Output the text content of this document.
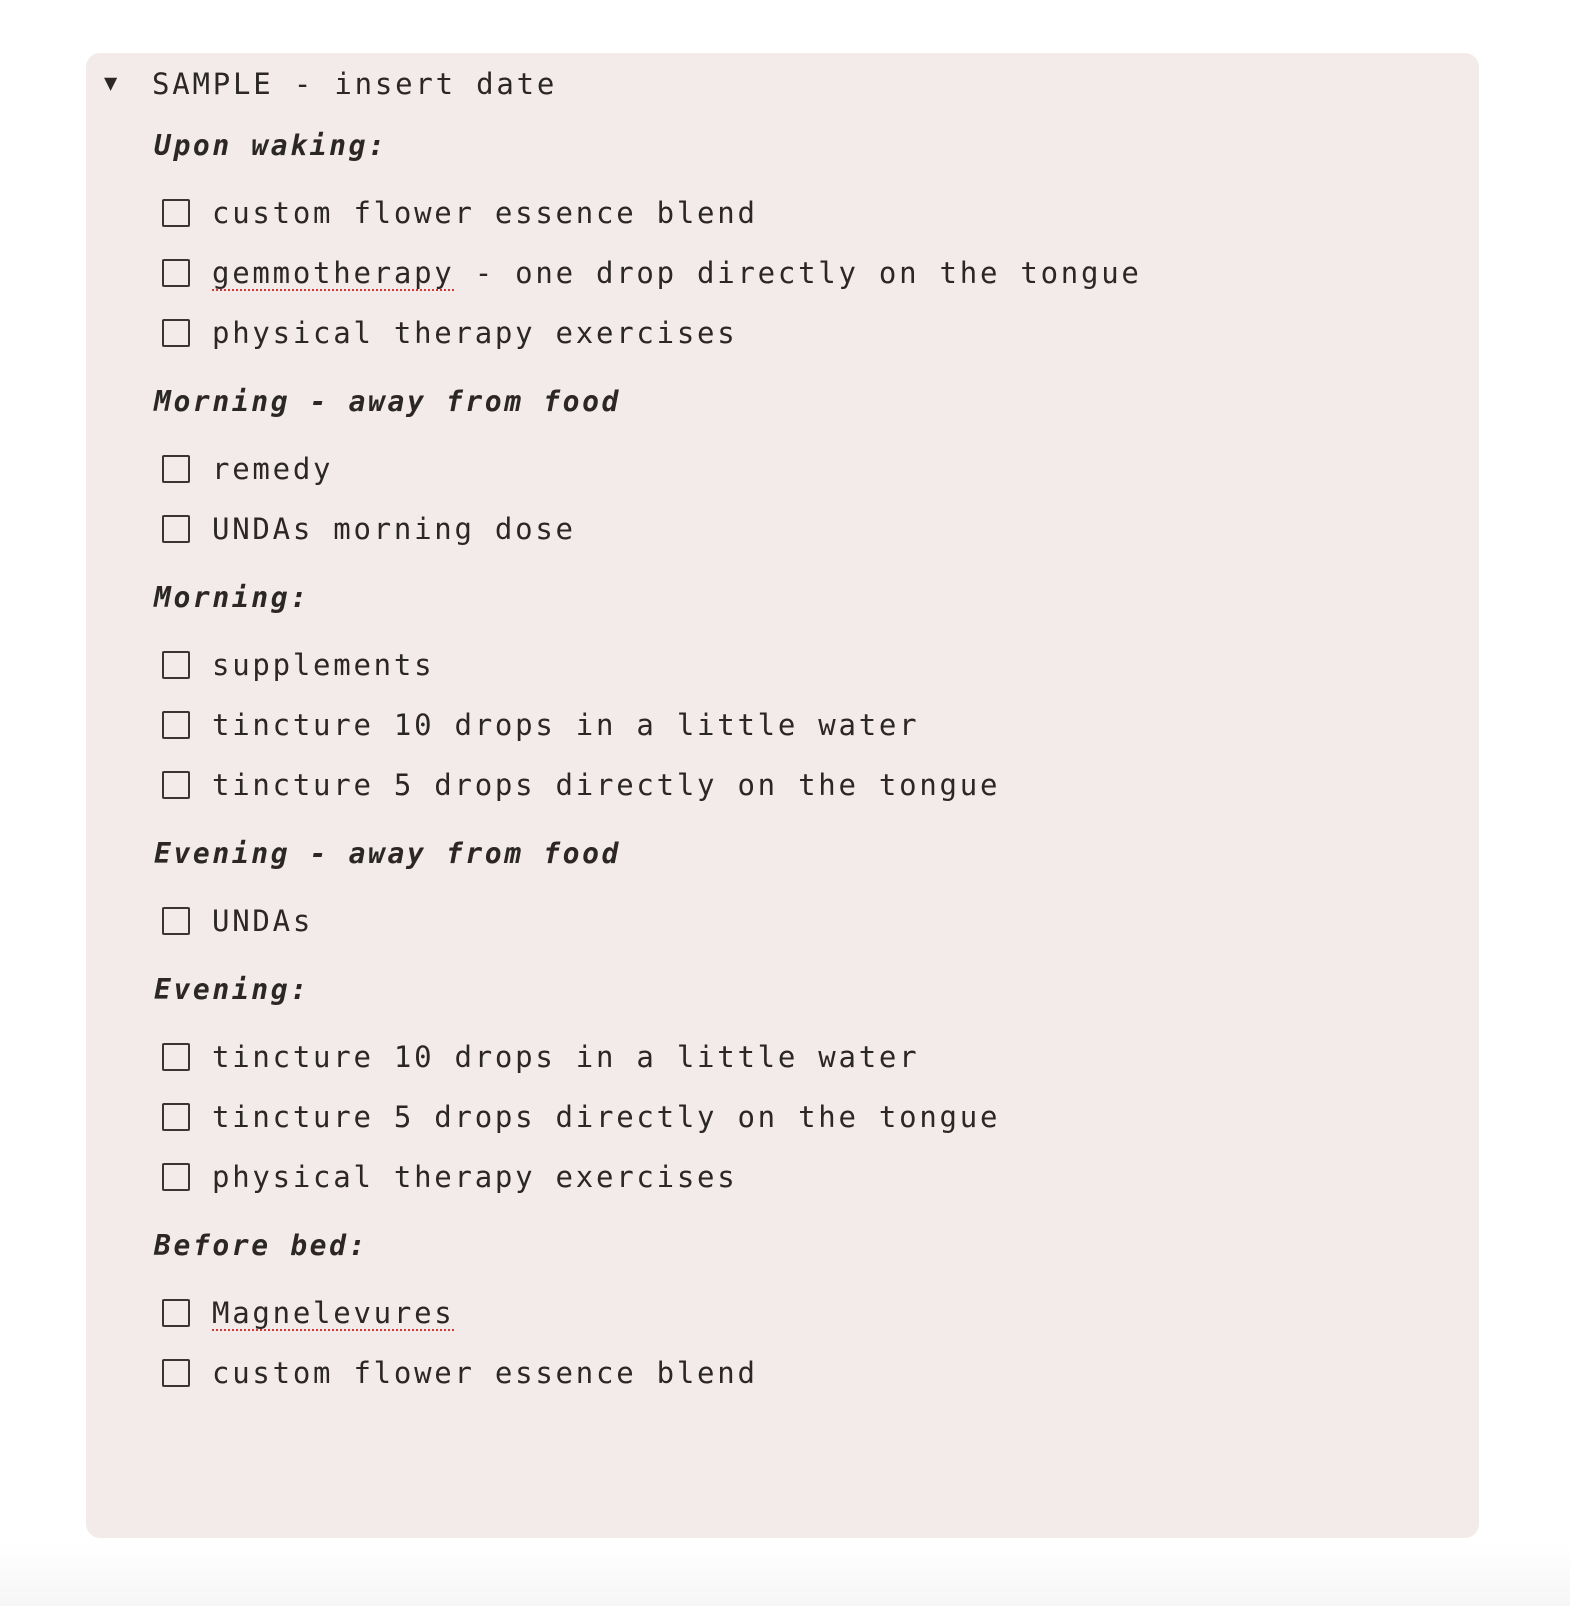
▼	SAMPLE - insert date
Upon waking:
custom flower essence blend
gemmotherapy - one drop directly on the tongue
physical therapy exercises
Morning - away from food
remedy
UNDAs morning dose
Morning:
supplements
tincture 10 drops in a little water
tincture 5 drops directly on the tongue
Evening - away from food
UNDAs
Evening:
tincture 10 drops in a little water
tincture 5 drops directly on the tongue
physical therapy exercises
Before bed:
Magnelevures
custom flower essence blend
